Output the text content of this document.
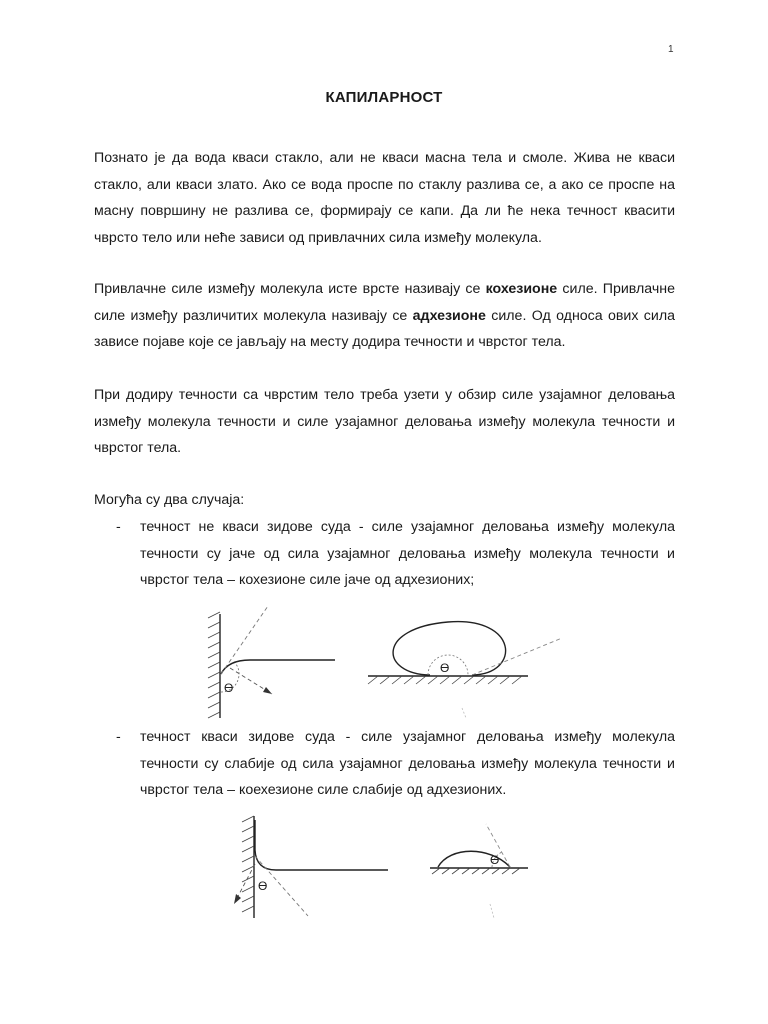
1
КАПИЛАРНОСТ

Познато је да вода кваси стакло, али не кваси масна тела и смоле. Жива не кваси стакло, али кваси злато. Ако се вода проспе по стаклу разлива се, а ако се проспе на масну површину не разлива се, формирају се капи. Да ли ће нека течност квасити чврсто тело или неће зависи од привлачних сила између молекула.

Привлачне силе између молекула исте врсте називају се кохезионе силе. Привлачне силе између различитих молекула називају се адхезионе силе. Од односа ових сила зависе појаве које се јављају на месту додира течности и чврстог тела.

При додиру течности са чврстим тело треба узети у обзир силе узајамног деловања између молекула течности и силе узајамног деловања између молекула течности и чврстог тела.

Могућа су два случаја:

- течност не кваси зидове суда - силе узајамног деловања између молекула течности су јаче од сила узајамног деловања између молекула течности и чврстог тела – кохезионе силе јаче од адхезионих;
ϴ
ϴ
- течност кваси зидове суда - силе узајамног деловања између молекула течности су слабије од сила узајамног деловања између молекула течности и чврстог тела – коехезионе силе слабије од адхезионих.
ϴ
ϴ
